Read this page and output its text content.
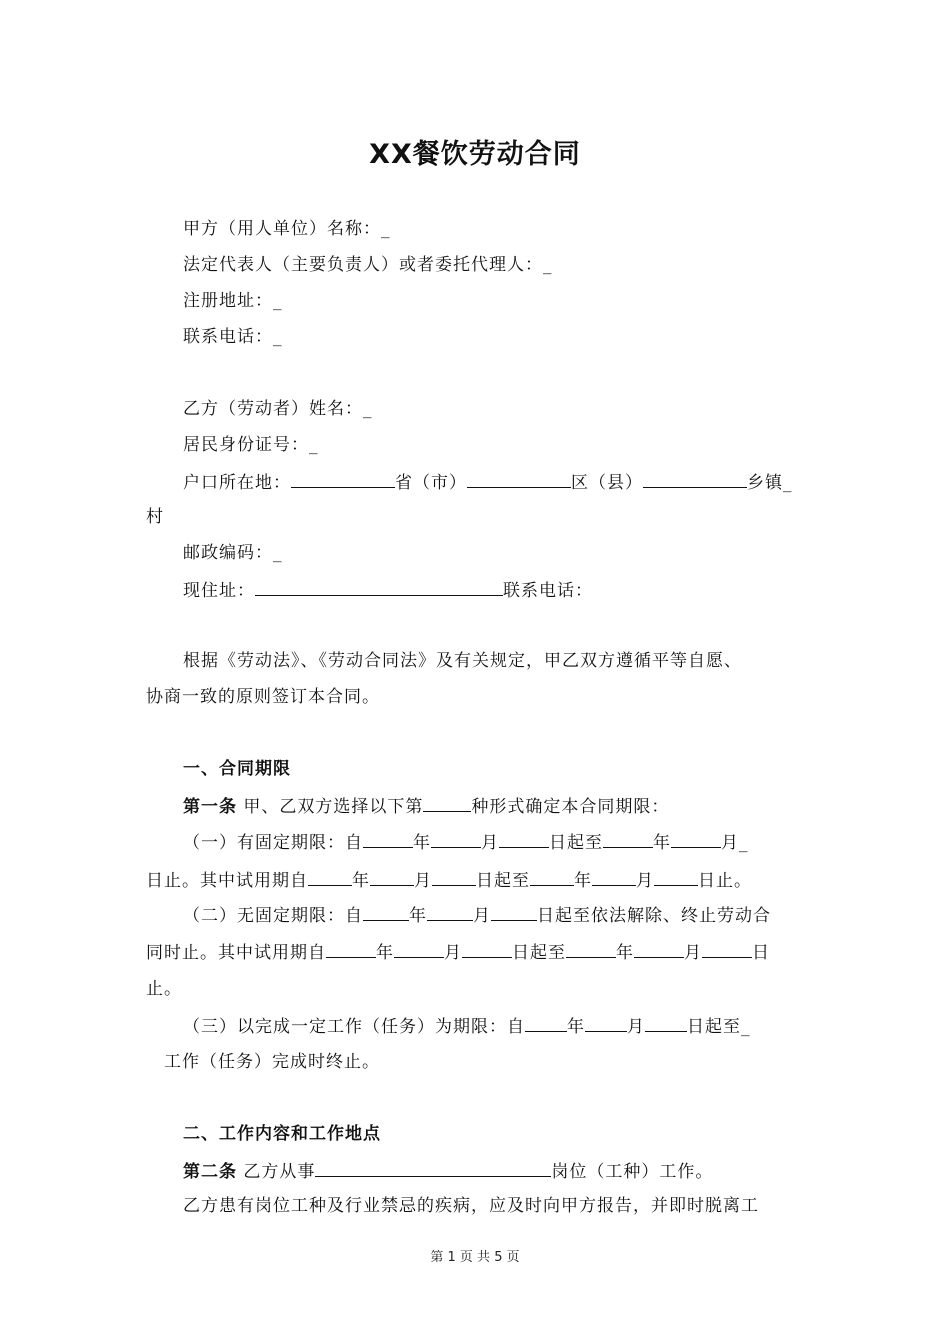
XX餐饮劳动合同
甲方（用人单位）名称：_
法定代表人（主要负责人）或者委托代理人：_
注册地址：_
联系电话：_
乙方（劳动者）姓名：_
居民身份证号：_
户口所在地：	省（市）	区（县）	乡镇_
村
邮政编码：_
现住址：	联系电话：
根据《劳动法》、《劳动合同法》及有关规定，甲乙双方遵循平等自愿、
协商一致的原则签订本合同。
一、合同期限
第一条 甲、乙双方选择以下第	种形式确定本合同期限：
（一）有固定期限：自	年	月	日起至	年	月_
日止。其中试用期自	年	月	日起至	年	月	日止。
（二）无固定期限：自	年	月	日起至依法解除、终止劳动合
同时止。其中试用期自	年	月	日起至	年	月	日
止。
（三）以完成一定工作（任务）为期限：自 年 月 日起至_
工作（任务）完成时终止。
二、工作内容和工作地点
第二条 乙方从事	岗位（工种）工作。
乙方患有岗位工种及行业禁忌的疾病，应及时向甲方报告，并即时脱离工
第 1 页 共 5 页
